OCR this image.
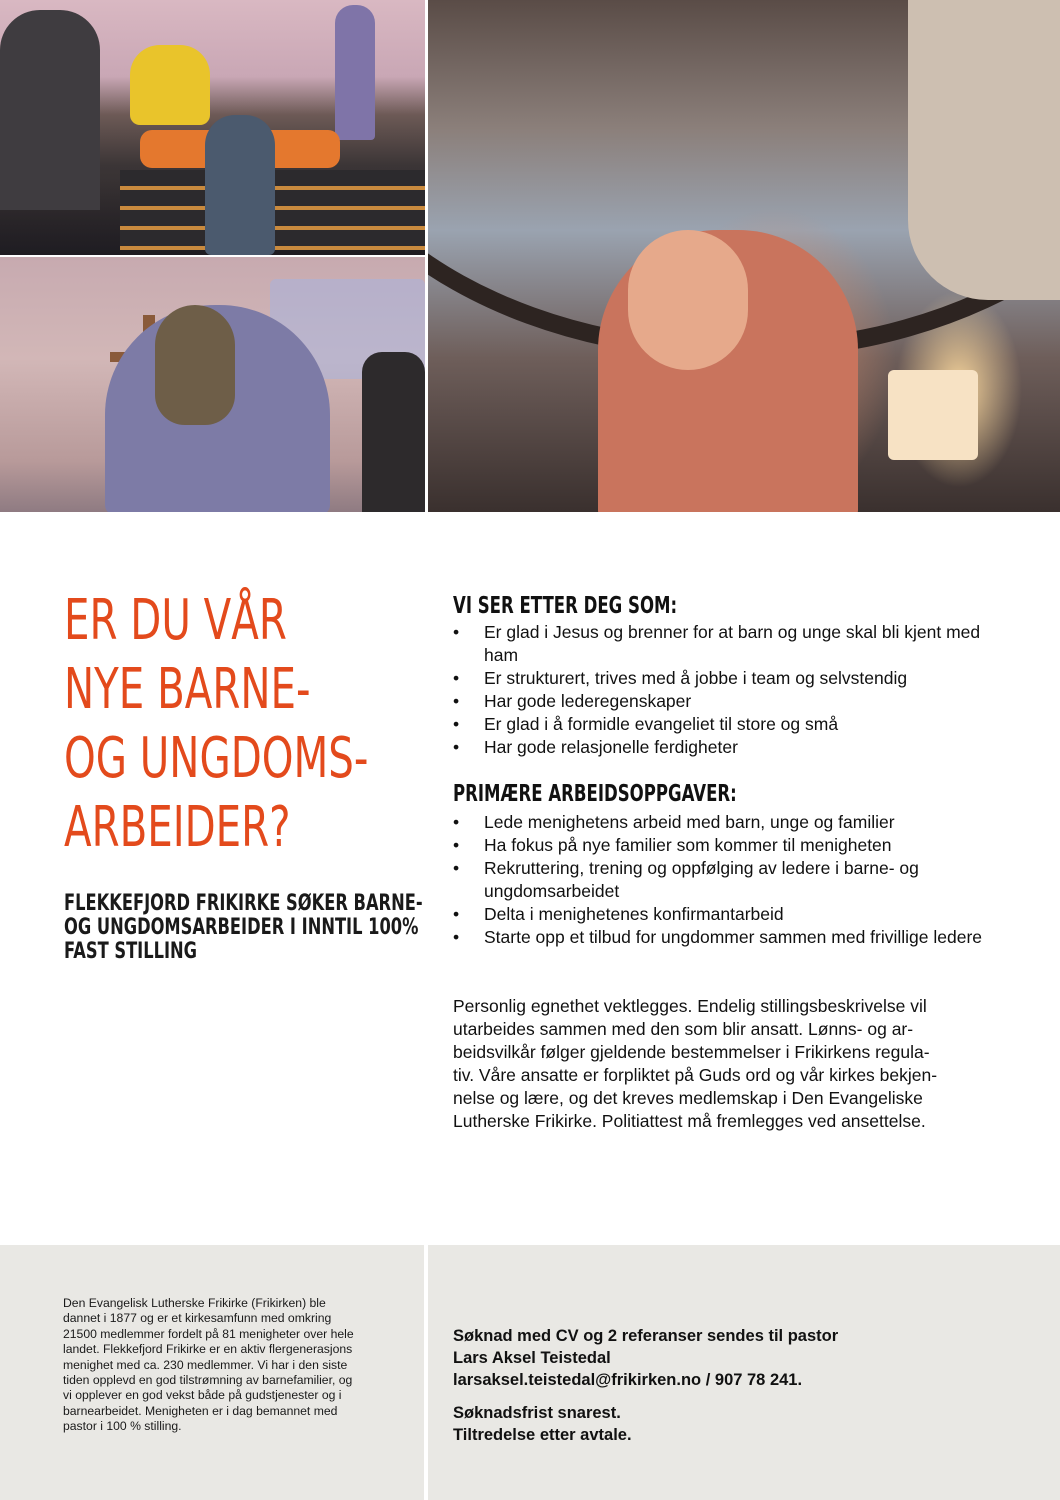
ER DU VÅR
NYE BARNE-
OG UNGDOMS-
ARBEIDER?
FLEKKEFJORD FRIKIRKE SØKER BARNE-
OG UNGDOMSARBEIDER I INNTIL 100%
FAST STILLING
VI SER ETTER DEG SOM:
• Er glad i Jesus og brenner for at barn og unge skal bli kjent med ham
• Er strukturert, trives med å jobbe i team og selvstendig
• Har gode lederegenskaper
• Er glad i å formidle evangeliet til store og små
• Har gode relasjonelle ferdigheter
PRIMÆRE ARBEIDSOPPGAVER:
• Lede menighetens arbeid med barn, unge og familier
• Ha fokus på nye familier som kommer til menigheten
• Rekruttering, trening og oppfølging av ledere i barne- og ungdomsarbeidet
• Delta i menighetenes konfirmantarbeid
• Starte opp et tilbud for ungdommer sammen med frivillige ledere

Personlig egnethet vektlegges. Endelig stillingsbeskrivelse vil
utarbeides sammen med den som blir ansatt. Lønns- og ar-
beidsvilkår følger gjeldende bestemmelser i Frikirkens regula-
tiv. Våre ansatte er forpliktet på Guds ord og vår kirkes bekjen-
nelse og lære, og det kreves medlemskap i Den Evangeliske
Lutherske Frikirke. Politiattest må fremlegges ved ansettelse.

Den Evangelisk Lutherske Frikirke (Frikirken) ble
dannet i 1877 og er et kirkesamfunn med omkring
21500 medlemmer fordelt på 81 menigheter over hele
landet. Flekkefjord Frikirke er en aktiv flergenerasjons
menighet med ca. 230 medlemmer. Vi har i den siste
tiden opplevd en god tilstrømning av barnefamilier, og
vi opplever en god vekst både på gudstjenester og i
barnearbeidet. Menigheten er i dag bemannet med
pastor i 100 % stilling.

Søknad med CV og 2 referanser sendes til pastor
Lars Aksel Teistedal
larsaksel.teistedal@frikirken.no / 907 78 241.
Søknadsfrist snarest.
Tiltredelse etter avtale.
